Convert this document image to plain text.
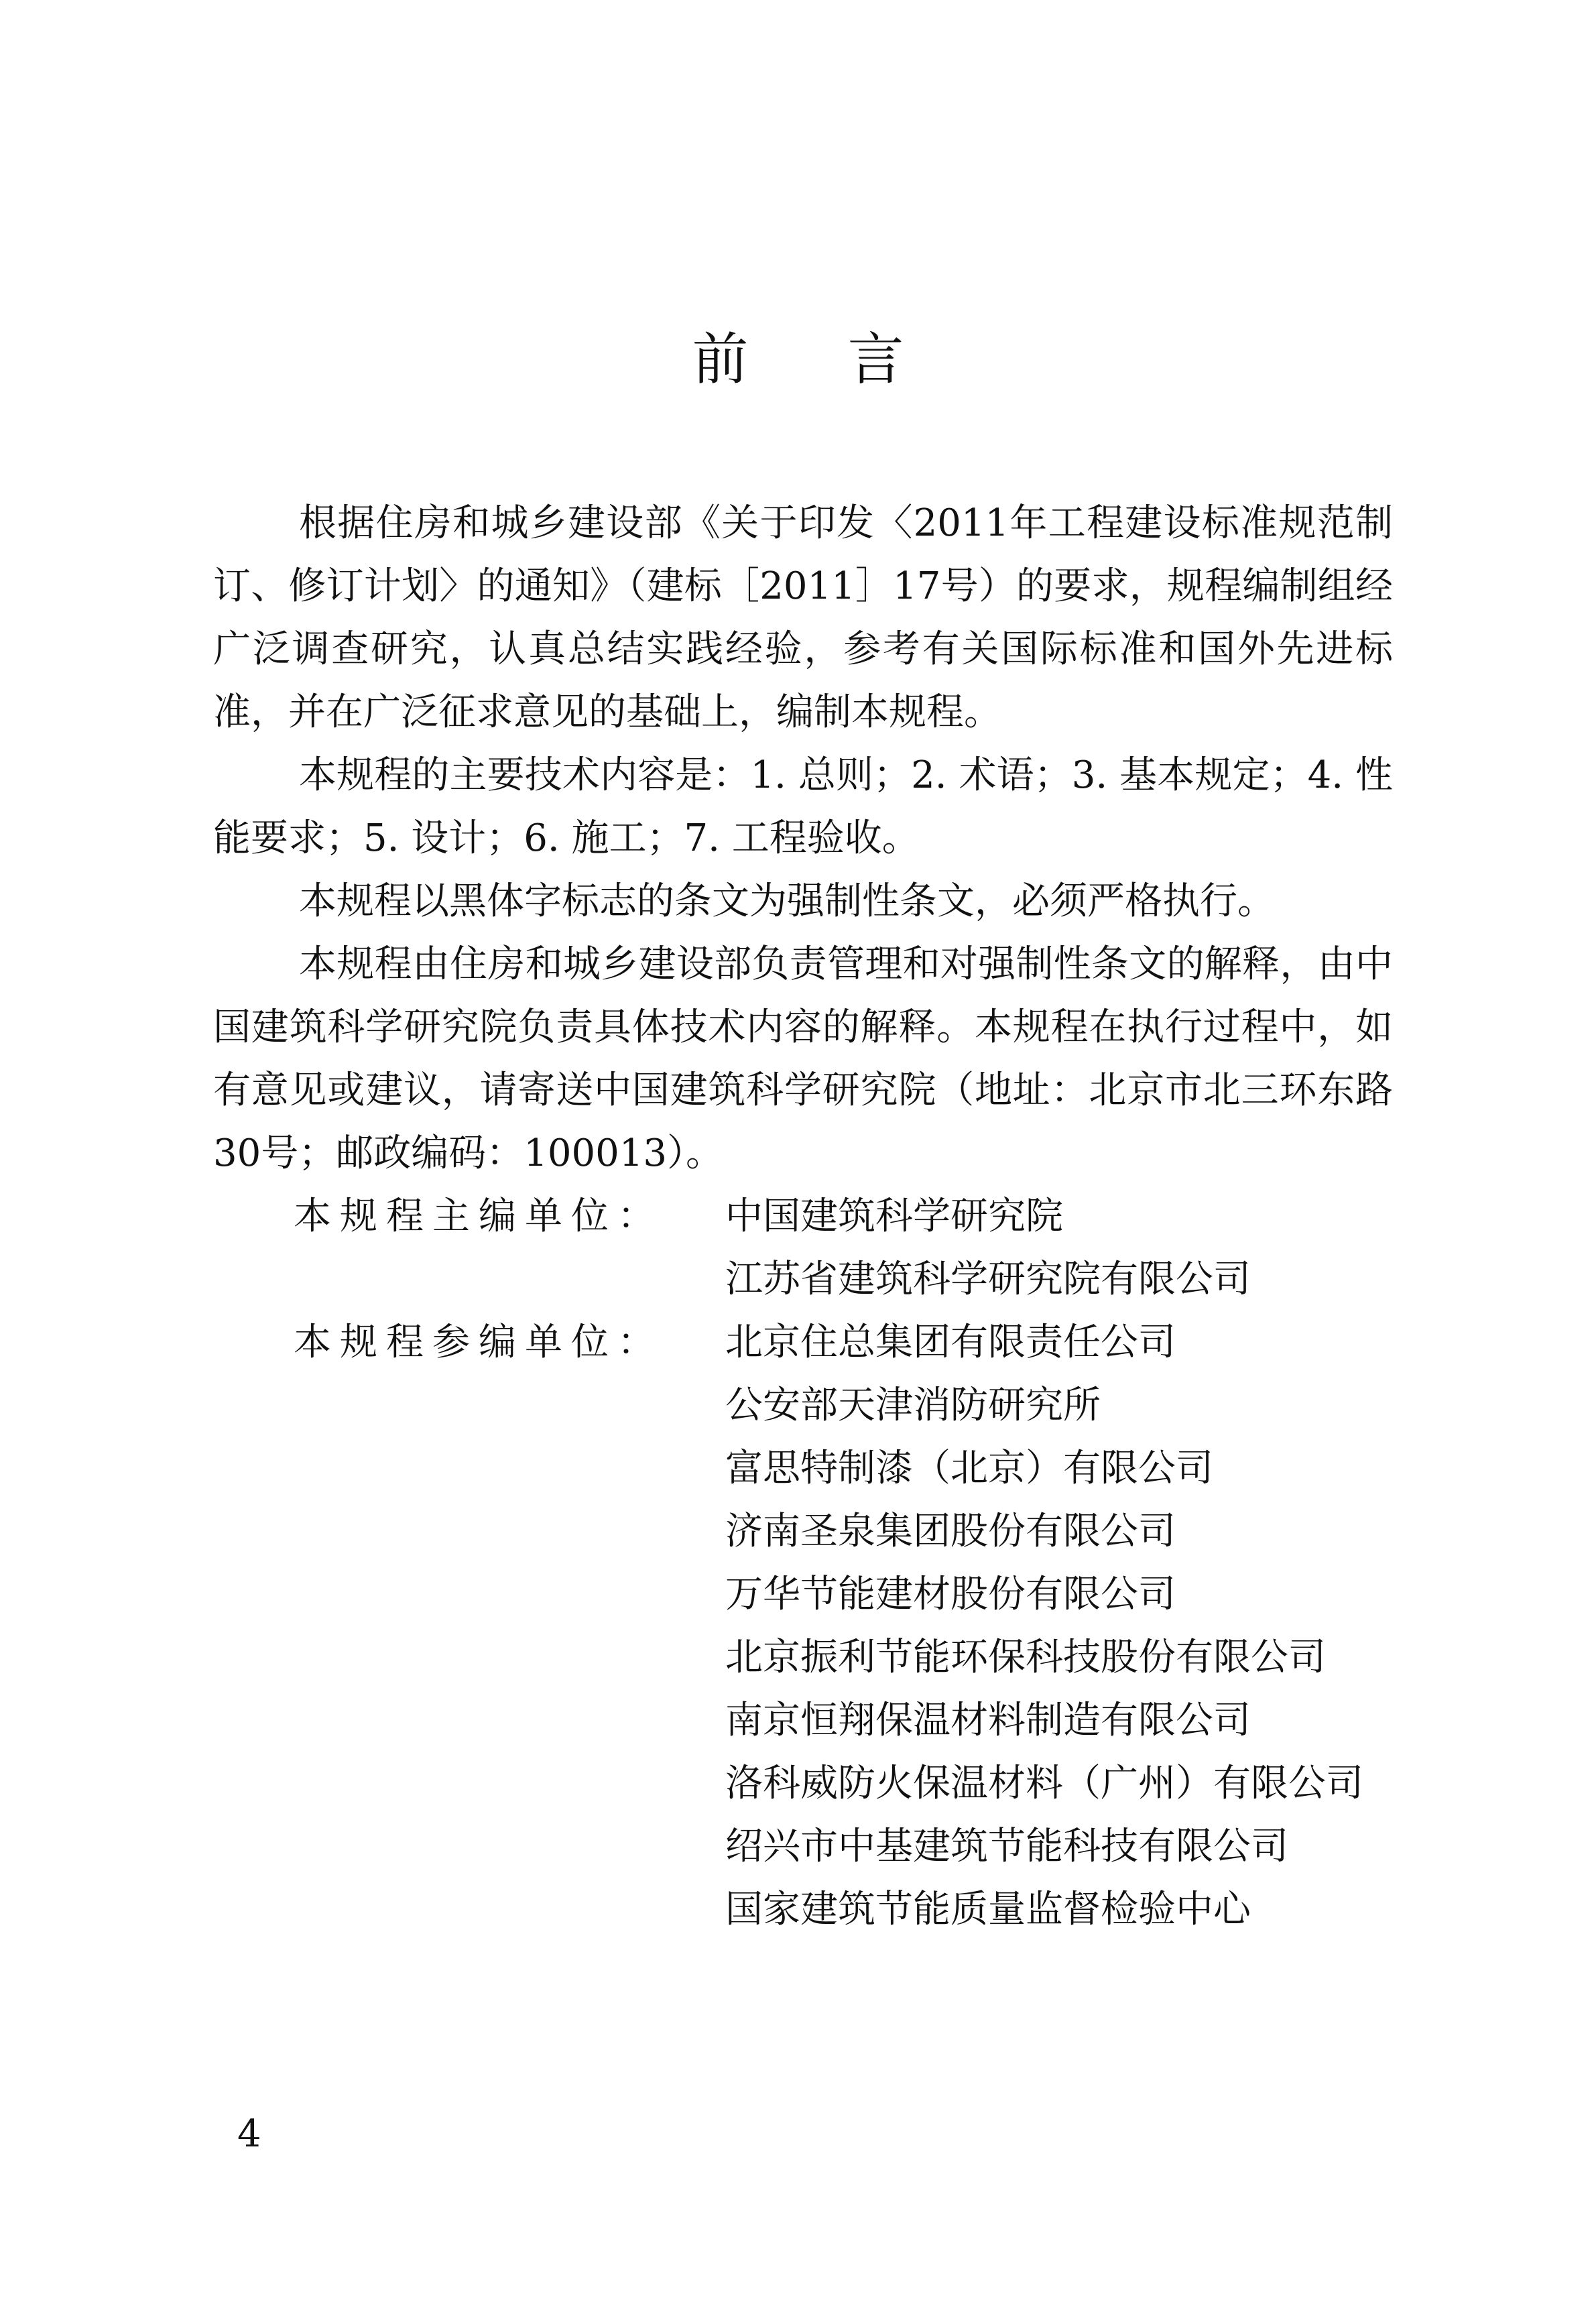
前言

根据住房和城乡建设部《关于印发〈2011年工程建设标准规范制订、修订计划〉的通知》（建标［2011］17号）的要求，规程编制组经广泛调查研究，认真总结实践经验，参考有关国际标准和国外先进标准，并在广泛征求意见的基础上，编制本规程。

本规程的主要技术内容是：1. 总则；2. 术语；3. 基本规定；4. 性能要求；5. 设计；6. 施工；7. 工程验收。

本规程以黑体字标志的条文为强制性条文，必须严格执行。

本规程由住房和城乡建设部负责管理和对强制性条文的解释，由中国建筑科学研究院负责具体技术内容的解释。本规程在执行过程中，如有意见或建议，请寄送中国建筑科学研究院（地址：北京市北三环东路30号；邮政编码：100013）。

本规程主编单位：	中国建筑科学研究院
江苏省建筑科学研究院有限公司
本规程参编单位：	北京住总集团有限责任公司
公安部天津消防研究所
富思特制漆（北京）有限公司
济南圣泉集团股份有限公司
万华节能建材股份有限公司
北京振利节能环保科技股份有限公司
南京恒翔保温材料制造有限公司
洛科威防火保温材料（广州）有限公司
绍兴市中基建筑节能科技有限公司
国家建筑节能质量监督检验中心
4
